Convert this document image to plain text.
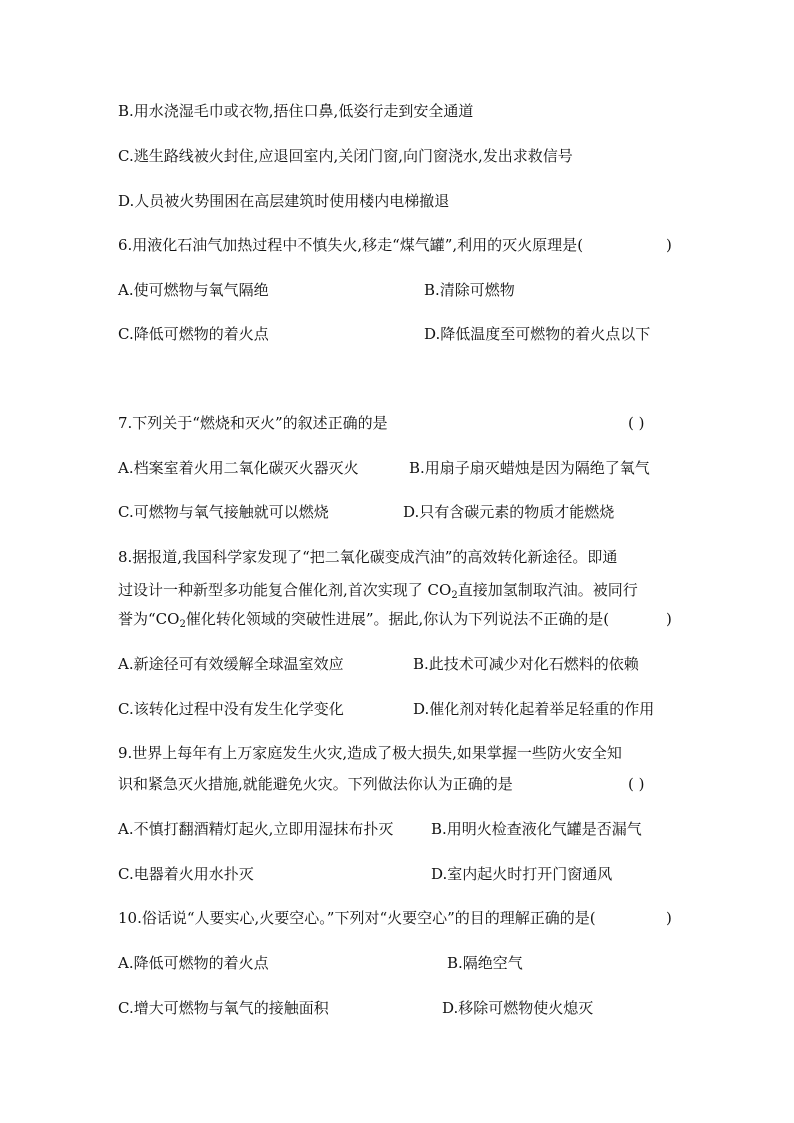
B.用水浇湿毛巾或衣物,捂住口鼻,低姿行走到安全通道
C.逃生路线被火封住,应退回室内,关闭门窗,向门窗浇水,发出求救信号
D.人员被火势围困在高层建筑时使用楼内电梯撤退
6.用液化石油气加热过程中不慎失火,移走“煤气罐”,利用的灭火原理是(	)
A.使可燃物与氧气隔绝	B.清除可燃物
C.降低可燃物的着火点	D.降低温度至可燃物的着火点以下
7.下列关于“燃烧和灭火”的叙述正确的是	( )
A.档案室着火用二氧化碳灭火器灭火	B.用扇子扇灭蜡烛是因为隔绝了氧气
C.可燃物与氧气接触就可以燃烧	D.只有含碳元素的物质才能燃烧
8.据报道,我国科学家发现了“把二氧化碳变成汽油”的高效转化新途径。即通
过设计一种新型多功能复合催化剂,首次实现了 $CO_2$直接加氢制取汽油。被同行
誉为“$CO_2$催化转化领域的突破性进展”。据此,你认为下列说法不正确的是(	)
A.新途径可有效缓解全球温室效应	B.此技术可减少对化石燃料的依赖
C.该转化过程中没有发生化学变化	D.催化剂对转化起着举足轻重的作用
9.世界上每年有上万家庭发生火灾,造成了极大损失,如果掌握一些防火安全知
识和紧急灭火措施,就能避免火灾。下列做法你认为正确的是	( )
A.不慎打翻酒精灯起火,立即用湿抹布扑灭	B.用明火检查液化气罐是否漏气
C.电器着火用水扑灭	D.室内起火时打开门窗通风
10.俗话说“人要实心,火要空心。”下列对“火要空心”的目的理解正确的是(	)
A.降低可燃物的着火点	B.隔绝空气
C.增大可燃物与氧气的接触面积	D.移除可燃物使火熄灭
